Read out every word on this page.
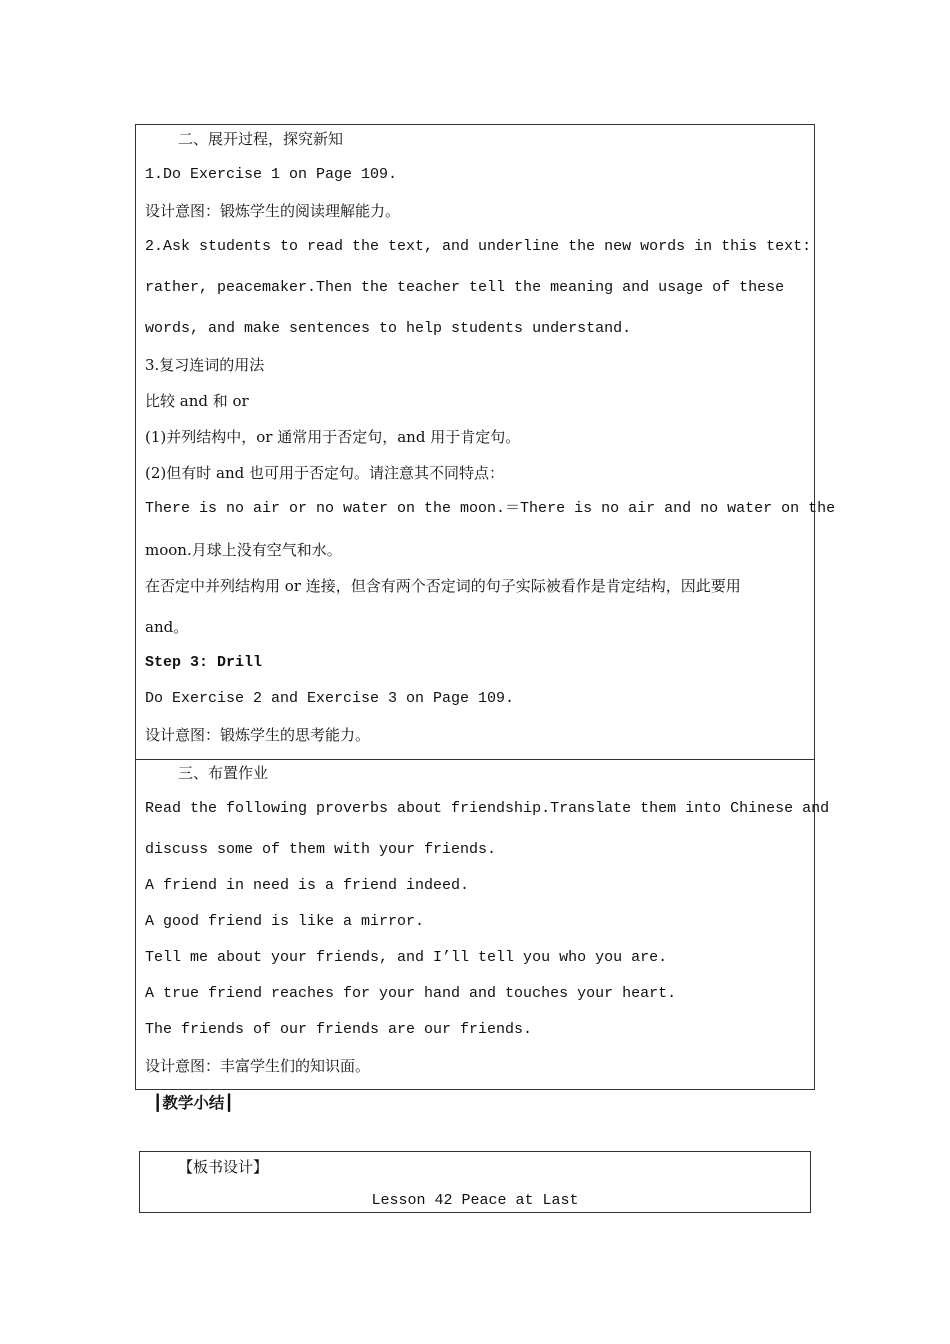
二、展开过程，探究新知
1.Do Exercise 1 on Page 109.
设计意图：锻炼学生的阅读理解能力。
2.Ask students to read the text, and underline the new words in this text:
rather, peacemaker.Then the teacher tell the meaning and usage of these
words, and make sentences to help students understand.
3.复习连词的用法
比较 and 和 or
(1)并列结构中，or 通常用于否定句，and 用于肯定句。
(2)但有时 and 也可用于否定句。请注意其不同特点：
There is no air or no water on the moon.＝There is no air and no water on the
moon.月球上没有空气和水。
在否定中并列结构用 or 连接，但含有两个否定词的句子实际被看作是肯定结构，因此要用
and。
Step 3: Drill
Do Exercise 2 and Exercise 3 on Page 109.
设计意图：锻炼学生的思考能力。
三、布置作业
Read the following proverbs about friendship.Translate them into Chinese and
discuss some of them with your friends.
A friend in need is a friend indeed.
A good friend is like a mirror.
Tell me about your friends, and I’ll tell you who you are.
A true friend reaches for your hand and touches your heart.
The friends of our friends are our friends.
设计意图：丰富学生们的知识面。
┃教学小结┃
【板书设计】
Lesson 42 Peace at Last
